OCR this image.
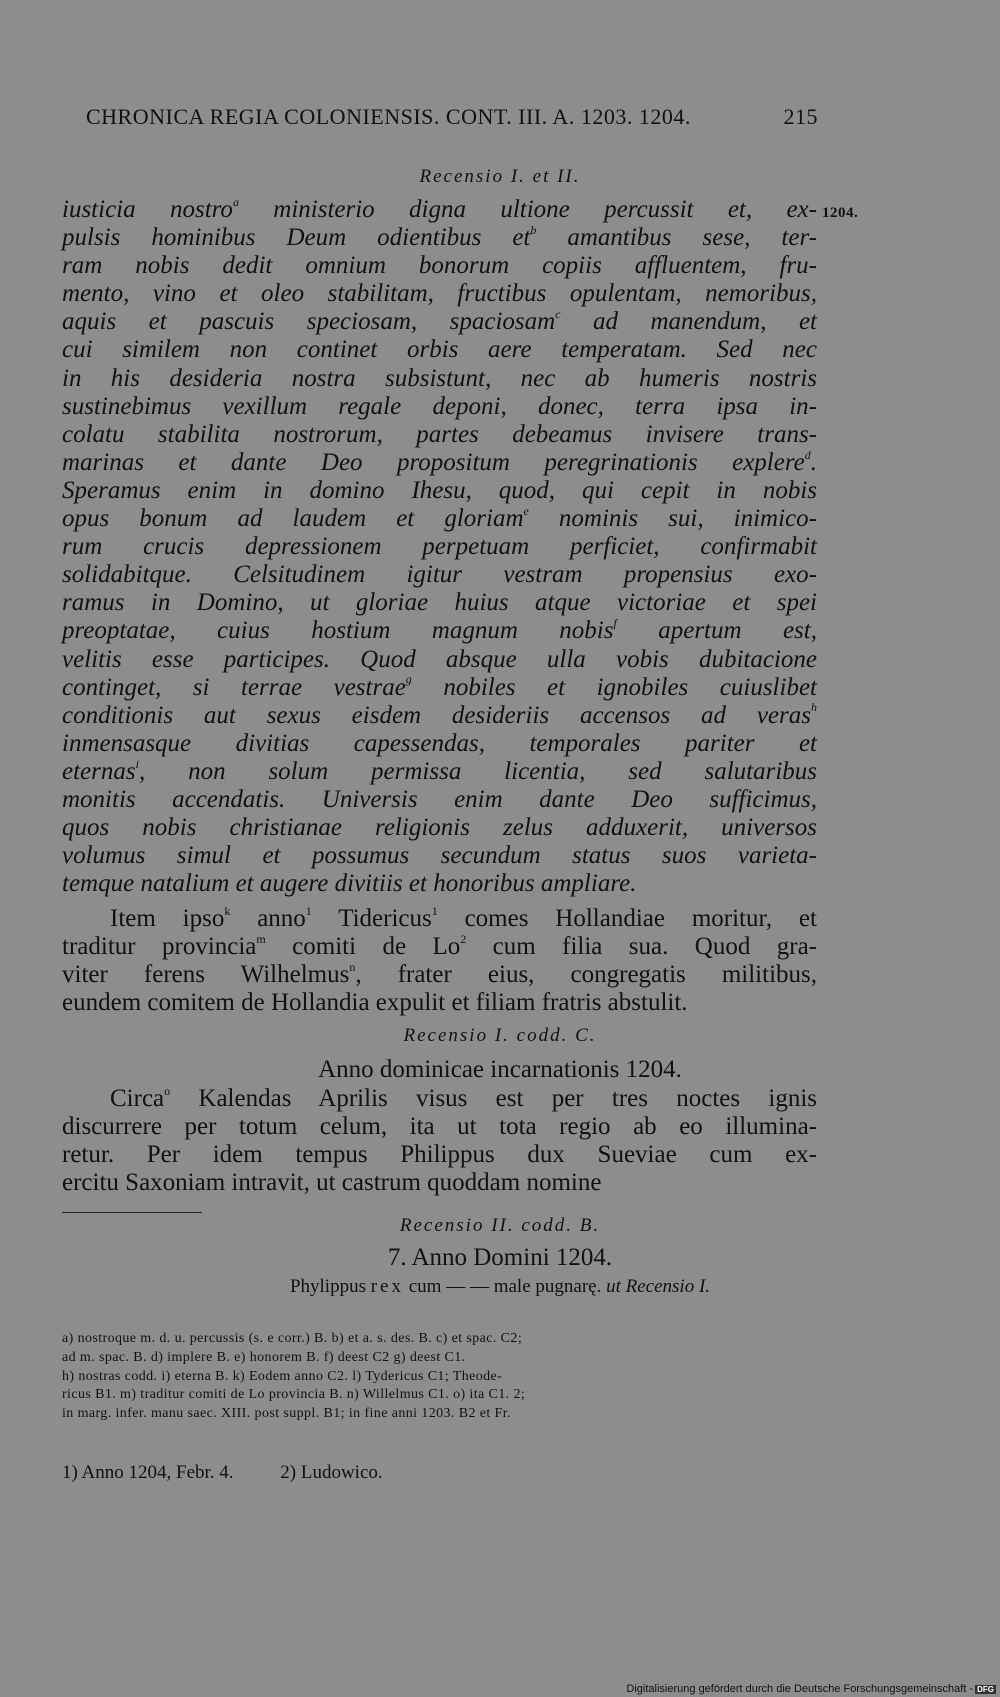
CHRONICA REGIA COLONIENSIS. CONT. III. A. 1203. 1204.	215
Recensio I. et II.
1204.
iusticia nostro$^a$ ministerio digna ultione percussit et, ex-
pulsis hominibus Deum odientibus $et^b$ amantibus sese, ter-
ram nobis dedit omnium bonorum copiis affluentem, fru-
mento, vino et oleo stabilitam, fructibus opulentam, nemoribus,
aquis et pascuis speciosam, spaciosam$^c$ ad manendum, et
cui similem non continet orbis aere temperatam. Sed nec
in his desideria nostra subsistunt, nec ab humeris nostris
sustinebimus vexillum regale deponi, donec, terra ipsa in-
colatu stabilita nostrorum, partes debeamus invisere trans-
marinas et dante Deo propositum peregrinationis explere$^d$.
Speramus enim in domino Ihesu, quod, qui cepit in nobis
opus bonum ad laudem et gloriam$^e$ nominis sui, inimico-
rum crucis depressionem perpetuam perficiet, confirmabit
solidabitque. Celsitudinem igitur vestram propensius exo-
ramus in Domino, ut gloriae huius atque victoriae et spei
preoptatae, cuius hostium magnum nobis$^f$ apertum est,
velitis esse participes. Quod absque ulla vobis dubitacione
continget, si terrae vestrae$^g$ nobiles et ignobiles cuiuslibet
conditionis aut sexus eisdem desideriis accensos ad veras$^h$
inmensasque divitias capessendas, temporales pariter et
eternas$^i$, non solum permissa licentia, sed salutaribus
monitis accendatis. Universis enim dante Deo sufficimus,
quos nobis christianae religionis zelus adduxerit, universos
volumus simul et possumus secundum status suos varieta-
temque natalium et augere divitiis et honoribus ampliare.
Item ipso$^k$ anno$^1$ Tidericus$^1$ comes Hollandiae moritur, et
traditur provincia$^m$ comiti de Lo$^2$ cum filia sua. Quod gra-
viter ferens Wilhelmus$^n$, frater eius, congregatis militibus,
eundem comitem de Hollandia expulit et filiam fratris abstulit.
Recensio I. codd. C.
Anno dominicae incarnationis 1204.
Circa$^o$ Kalendas Aprilis visus est per tres noctes ignis
discurrere per totum celum, ita ut tota regio ab eo illumina-
retur. Per idem tempus Philippus dux Sueviae cum ex-
ercitu Saxoniam intravit, ut castrum quoddam nomine
Recensio II. codd. B.
7. Anno Domini 1204.
Phylippus rex cum — — male pugnarę. ut Recensio I.
a) nostroque m. d. u. percussis (s. e corr.) B. b) et a. s. des. B. c) et spac. C2;
ad m. spac. B. d) implere B. e) honorem B. f) deest C2 g) deest C1.
h) nostras codd. i) eterna B. k) Eodem anno C2. l) Tydericus C1; Theode-
ricus B1. m) traditur comiti de Lo provincia B. n) Willelmus C1. o) ita C1. 2;
in marg. infer. manu saec. XIII. post suppl. B1; in fine anni 1203. B2 et Fr.
1) Anno 1204, Febr. 4. 2) Ludowico.
Digitalisierung gefördert durch die Deutsche Forschungsgemeinschaft - DFG
